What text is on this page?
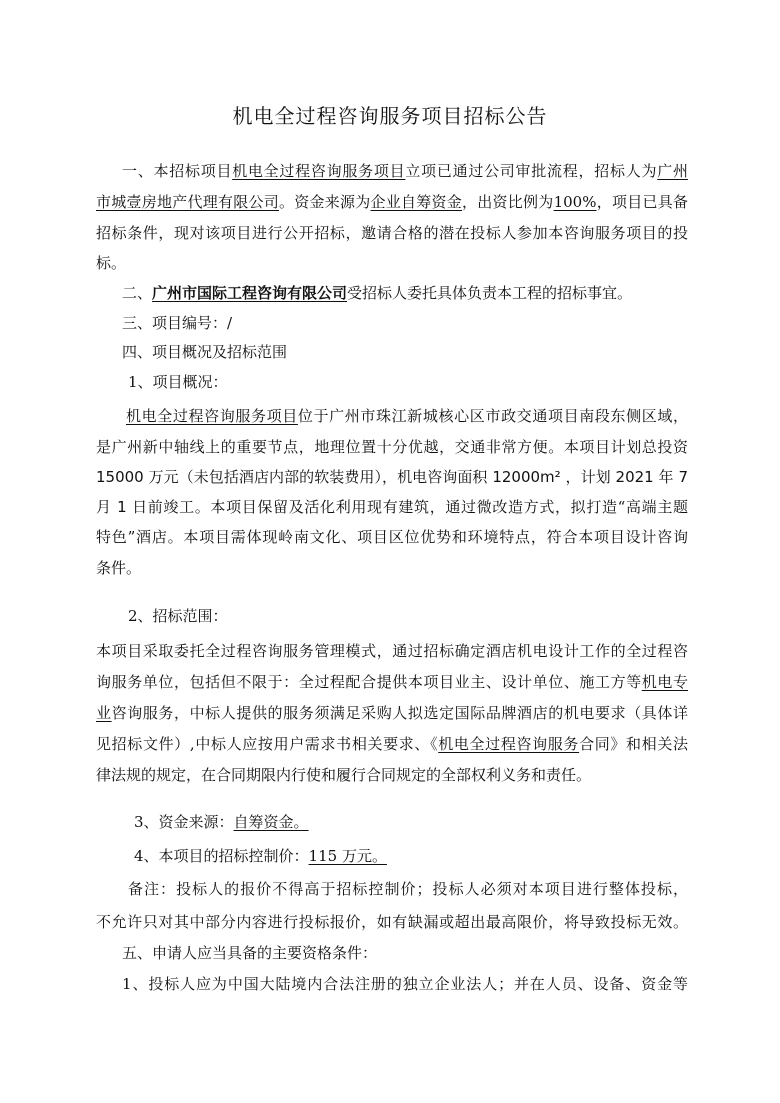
机电全过程咨询服务项目招标公告
一、本招标项目机电全过程咨询服务项目立项已通过公司审批流程，招标人为广州
市城壹房地产代理有限公司。资金来源为企业自筹资金，出资比例为100%，项目已具备
招标条件，现对该项目进行公开招标，邀请合格的潜在投标人参加本咨询服务项目的投
标。
二、广州市国际工程咨询有限公司受招标人委托具体负责本工程的招标事宜。
三、项目编号：/
四、项目概况及招标范围
1、项目概况：
机电全过程咨询服务项目位于广州市珠江新城核心区市政交通项目南段东侧区域，
是广州新中轴线上的重要节点，地理位置十分优越，交通非常方便。本项目计划总投资
15000 万元（未包括酒店内部的软装费用），机电咨询面积 12000m² ，计划 2021 年 7
月 1 日前竣工。本项目保留及活化利用现有建筑，通过微改造方式，拟打造“高端主题
特色”酒店。本项目需体现岭南文化、项目区位优势和环境特点，符合本项目设计咨询
条件。
2、招标范围：
本项目采取委托全过程咨询服务管理模式，通过招标确定酒店机电设计工作的全过程咨
询服务单位，包括但不限于：全过程配合提供本项目业主、设计单位、施工方等机电专
业咨询服务，中标人提供的服务须满足采购人拟选定国际品牌酒店的机电要求（具体详
见招标文件）,中标人应按用户需求书相关要求、《机电全过程咨询服务合同》和相关法
律法规的规定，在合同期限内行使和履行合同规定的全部权利义务和责任。
3、资金来源：自筹资金。
4、本项目的招标控制价：115 万元。
备注：投标人的报价不得高于招标控制价；投标人必须对本项目进行整体投标，
不允许只对其中部分内容进行投标报价，如有缺漏或超出最高限价，将导致投标无效。
五、申请人应当具备的主要资格条件：
1、投标人应为中国大陆境内合法注册的独立企业法人；并在人员、设备、资金等
